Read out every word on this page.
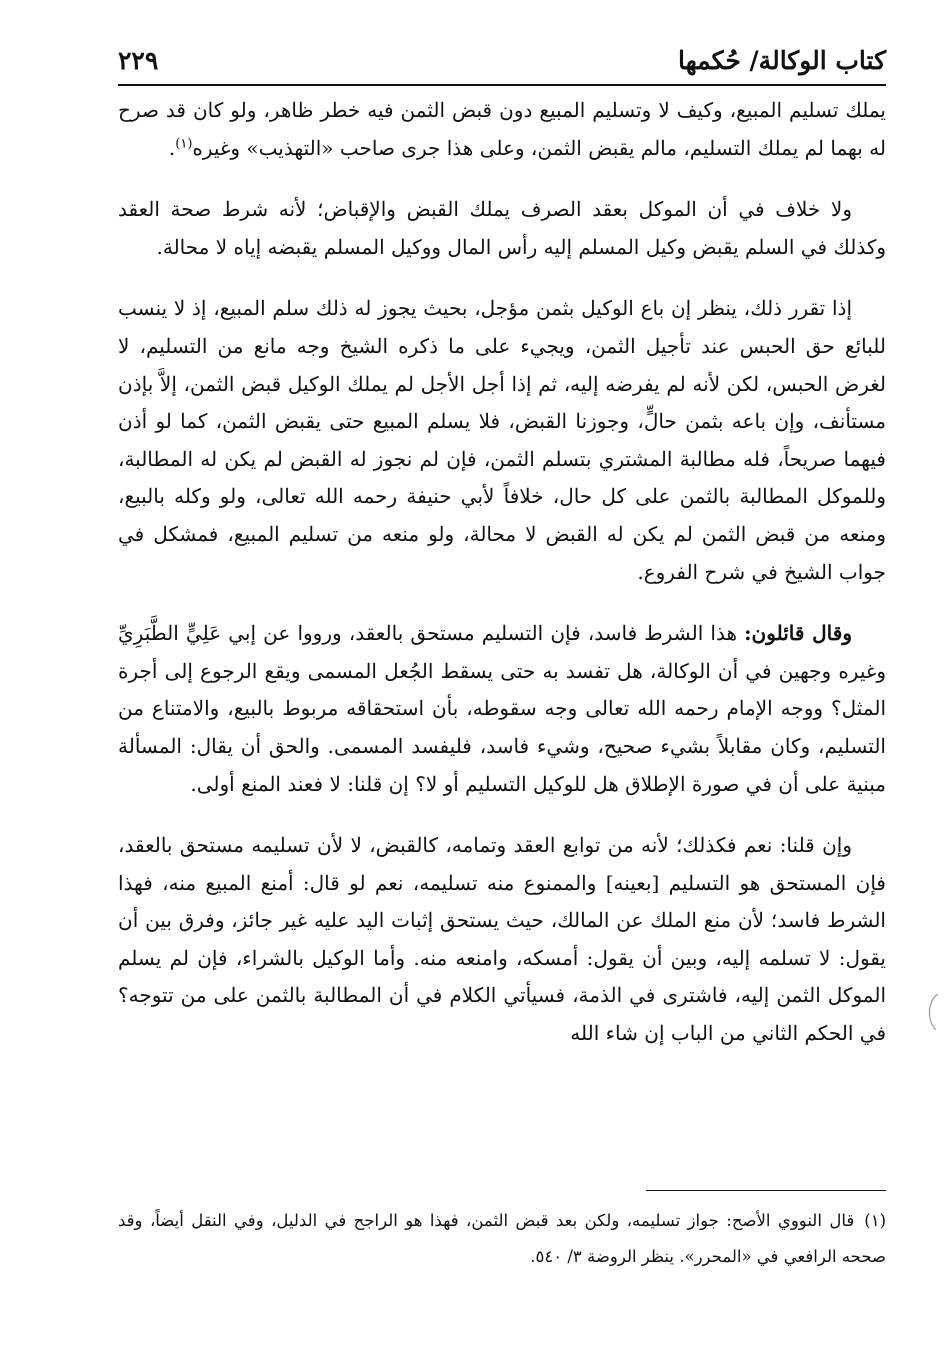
كتاب الوكالة/ حُكمها
٢٢٩

يملك تسليم المبيع، وكيف لا وتسليم المبيع دون قبض الثمن فيه خطر ظاهر، ولو كان قد صرح له بهما لم يملك التسليم، مالم يقبض الثمن، وعلى هذا جرى صاحب «التهذيب» وغيره$^{(١)}$.

ولا خلاف في أن الموكل بعقد الصرف يملك القبض والإقباض؛ لأنه شرط صحة العقد وكذلك في السلم يقبض وكيل المسلم إليه رأس المال ووكيل المسلم يقبضه إياه لا محالة.

إذا تقرر ذلك، ينظر إن باع الوكيل بثمن مؤجل، بحيث يجوز له ذلك سلم المبيع، إذ لا ينسب للبائع حق الحبس عند تأجيل الثمن، ويجيء على ما ذكره الشيخ وجه مانع من التسليم، لا لغرض الحبس، لكن لأنه لم يفرضه إليه، ثم إذا أجل الأجل لم يملك الوكيل قبض الثمن، إلاَّ بإذن مستأنف، وإن باعه بثمن حالٍّ، وجوزنا القبض، فلا يسلم المبيع حتى يقبض الثمن، كما لو أذن فيهما صريحاً، فله مطالبة المشتري بتسلم الثمن، فإن لم نجوز له القبض لم يكن له المطالبة، وللموكل المطالبة بالثمن على كل حال، خلافاً لأبي حنيفة رحمه الله تعالى، ولو وكله بالبيع، ومنعه من قبض الثمن لم يكن له القبض لا محالة، ولو منعه من تسليم المبيع، فمشكل في جواب الشيخ في شرح الفروع.

وقال قائلون: هذا الشرط فاسد، فإن التسليم مستحق بالعقد، ورووا عن إبي عَلِيٍّ الطَّبَرِيِّ وغيره وجهين في أن الوكالة، هل تفسد به حتى يسقط الجُعل المسمى ويقع الرجوع إلى أجرة المثل؟ ووجه الإمام رحمه الله تعالى وجه سقوطه، بأن استحقاقه مربوط بالبيع، والامتناع من التسليم، وكان مقابلاً بشيء صحيح، وشيء فاسد، فليفسد المسمى. والحق أن يقال: المسألة مبنية على أن في صورة الإطلاق هل للوكيل التسليم أو لا؟ إن قلنا: لا فعند المنع أولى.

وإن قلنا: نعم فكذلك؛ لأنه من توابع العقد وتمامه، كالقبض، لا لأن تسليمه مستحق بالعقد، فإن المستحق هو التسليم [بعينه] والممنوع منه تسليمه، نعم لو قال: أمنع المبيع منه، فهذا الشرط فاسد؛ لأن منع الملك عن المالك، حيث يستحق إثبات اليد عليه غير جائز، وفرق بين أن يقول: لا تسلمه إليه، وبين أن يقول: أمسكه، وامنعه منه. وأما الوكيل بالشراء، فإن لم يسلم الموكل الثمن إليه، فاشترى في الذمة، فسيأتي الكلام في أن المطالبة بالثمن على من تتوجه؟ في الحكم الثاني من الباب إن شاء الله

(١)قال النووي الأصح: جواز تسليمه، ولكن بعد قبض الثمن، فهذا هو الراجح في الدليل، وفي النقل أيضاً، وقد صححه الرافعي في «المحرر». ينظر الروضة ٣/ ٥٤٠.
